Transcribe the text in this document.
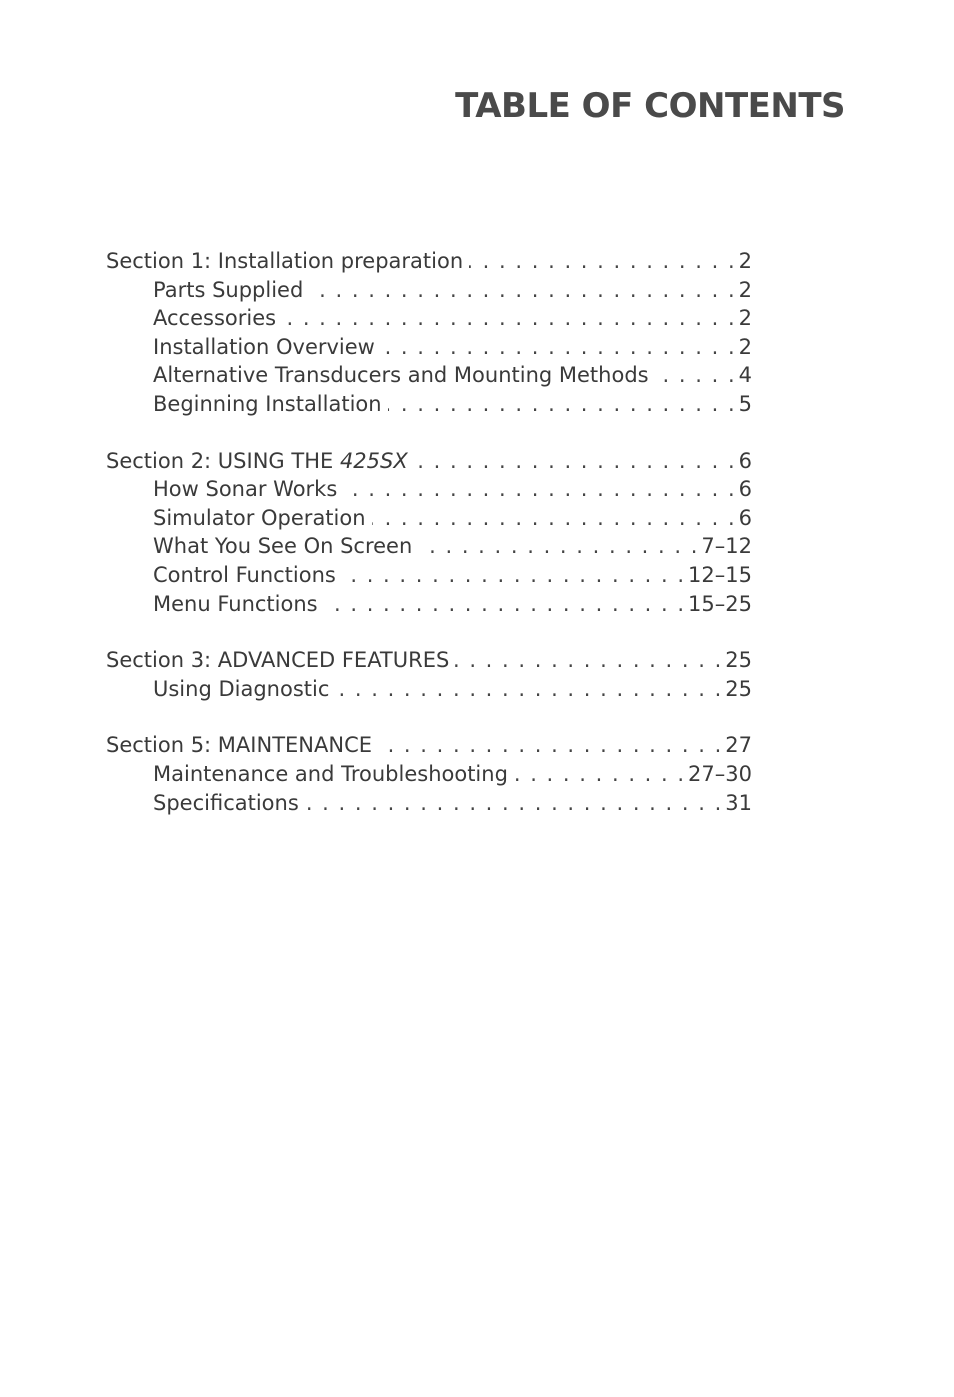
TABLE OF CONTENTS
Section 1: Installation preparation . . .	2
Parts Supplied . . .	2
Accessories . . .	2
Installation Overview . . .	2
Alternative Transducers and Mounting Methods . . .	4
Beginning Installation . . .	5
Section 2: USING THE 425SX . . .	6
How Sonar Works . . .	6
Simulator Operation . . .	6
What You See On Screen . . .	7–12
Control Functions . . .	12–15
Menu Functions . . .	15–25
Section 3: ADVANCED FEATURES . . .	25
Using Diagnostic . . .	25
Section 5: MAINTENANCE . . .	27
Maintenance and Troubleshooting . . .	27–30
Specifications . . .	31
